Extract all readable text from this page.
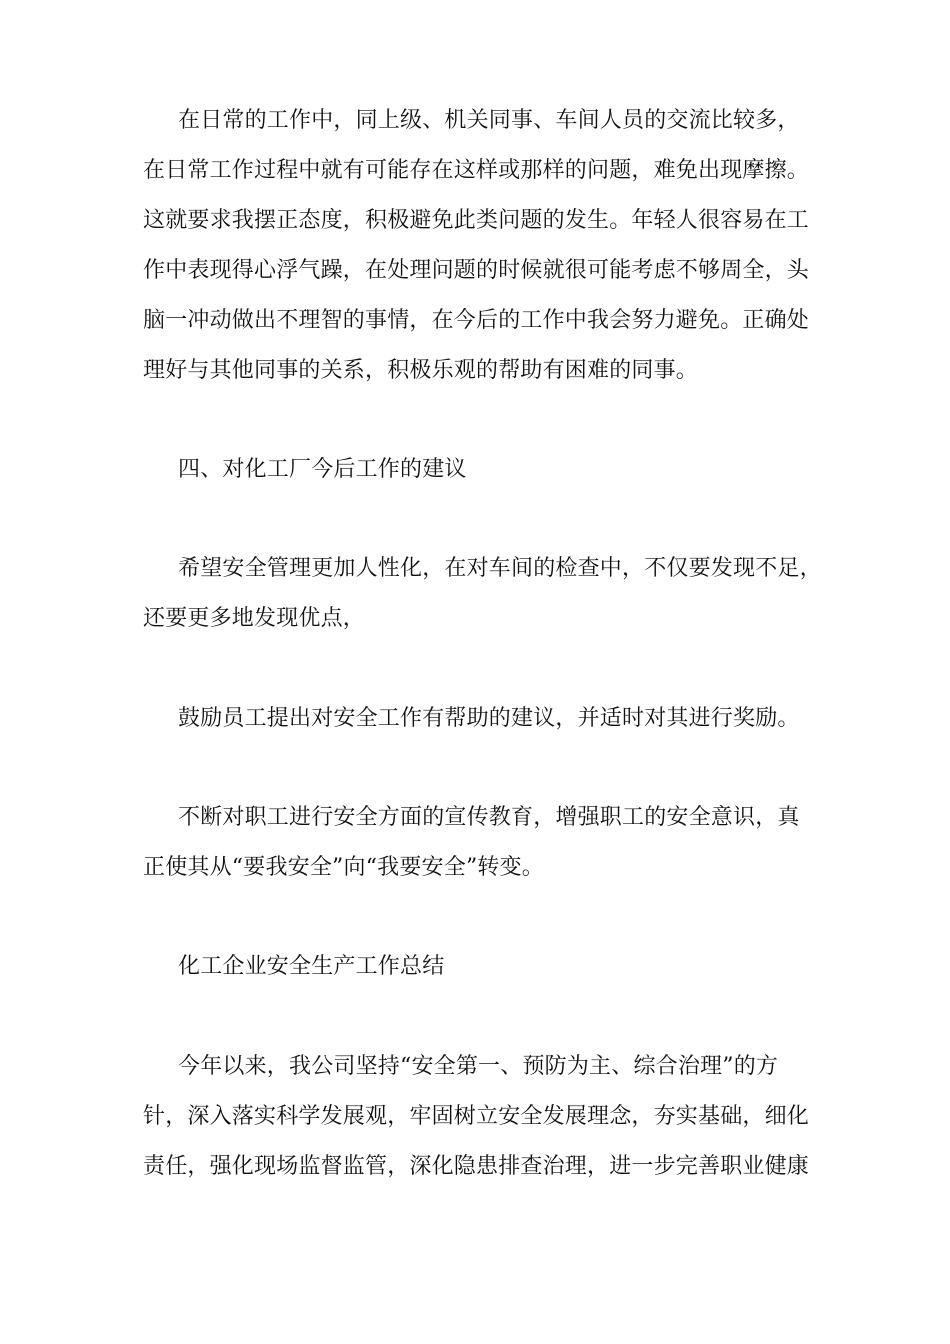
在日常的工作中，同上级、机关同事、车间人员的交流比较多，
在日常工作过程中就有可能存在这样或那样的问题，难免出现摩擦。
这就要求我摆正态度，积极避免此类问题的发生。年轻人很容易在工
作中表现得心浮气躁，在处理问题的时候就很可能考虑不够周全，头
脑一冲动做出不理智的事情，在今后的工作中我会努力避免。正确处
理好与其他同事的关系，积极乐观的帮助有困难的同事。
四、对化工厂今后工作的建议
希望安全管理更加人性化，在对车间的检查中，不仅要发现不足，
还要更多地发现优点，
鼓励员工提出对安全工作有帮助的建议，并适时对其进行奖励。
不断对职工进行安全方面的宣传教育，增强职工的安全意识，真
正使其从“要我安全”向“我要安全”转变。
化工企业安全生产工作总结
今年以来，我公司坚持“安全第一、预防为主、综合治理”的方
针，深入落实科学发展观，牢固树立安全发展理念，夯实基础，细化
责任，强化现场监督监管，深化隐患排查治理，进一步完善职业健康
